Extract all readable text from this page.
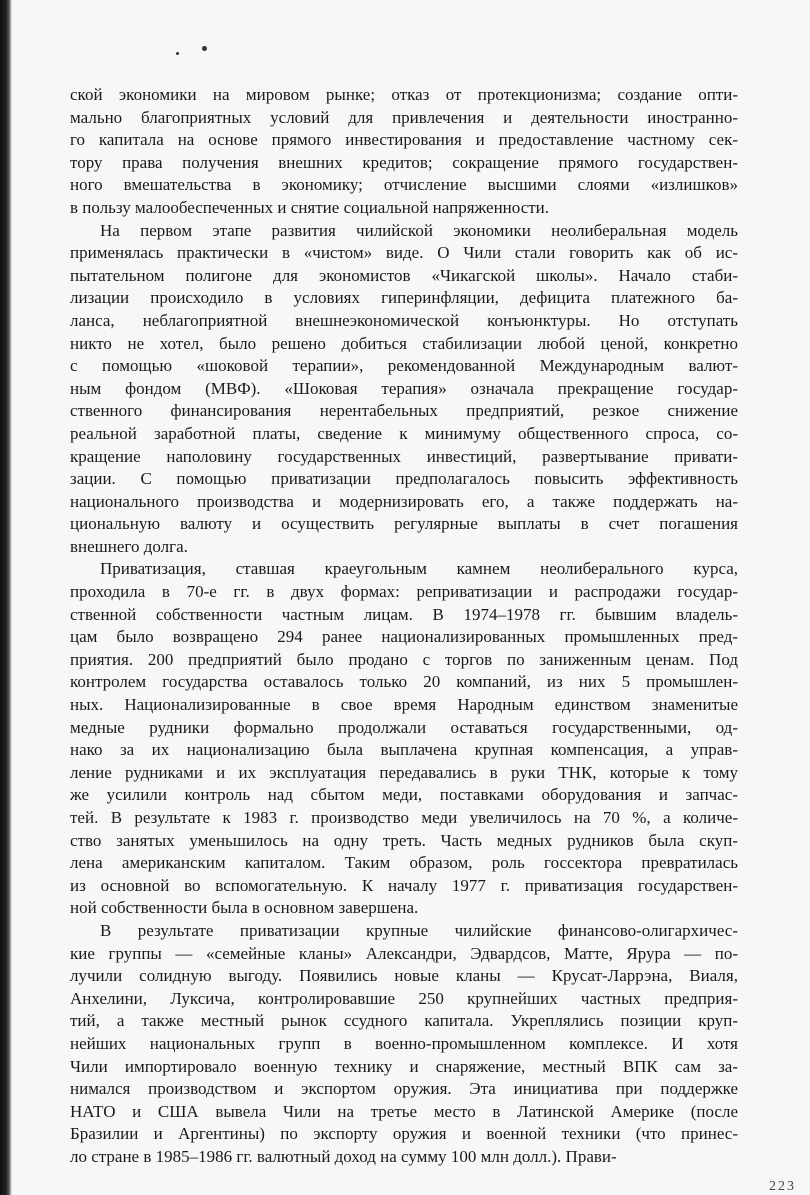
ской экономики на мировом рынке; отказ от протекционизма; создание опти-
мально благоприятных условий для привлечения и деятельности иностранно-
го капитала на основе прямого инвестирования и предоставление частному сек-
тору права получения внешних кредитов; сокращение прямого государствен-
ного вмешательства в экономику; отчисление высшими слоями «излишков»
в пользу малообеспеченных и снятие социальной напряженности.
На первом этапе развития чилийской экономики неолиберальная модель
применялась практически в «чистом» виде. О Чили стали говорить как об ис-
пытательном полигоне для экономистов «Чикагской школы». Начало стаби-
лизации происходило в условиях гиперинфляции, дефицита платежного ба-
ланса, неблагоприятной внешнеэкономической конъюнктуры. Но отступать
никто не хотел, было решено добиться стабилизации любой ценой, конкретно
с помощью «шоковой терапии», рекомендованной Международным валют-
ным фондом (МВФ). «Шоковая терапия» означала прекращение государ-
ственного финансирования нерентабельных предприятий, резкое снижение
реальной заработной платы, сведение к минимуму общественного спроса, со-
кращение наполовину государственных инвестиций, развертывание привати-
зации. С помощью приватизации предполагалось повысить эффективность
национального производства и модернизировать его, а также поддержать на-
циональную валюту и осуществить регулярные выплаты в счет погашения
внешнего долга.
Приватизация, ставшая краеугольным камнем неолиберального курса,
проходила в 70-е гг. в двух формах: реприватизации и распродажи государ-
ственной собственности частным лицам. В 1974–1978 гг. бывшим владель-
цам было возвращено 294 ранее национализированных промышленных пред-
приятия. 200 предприятий было продано с торгов по заниженным ценам. Под
контролем государства оставалось только 20 компаний, из них 5 промышлен-
ных. Национализированные в свое время Народным единством знаменитые
медные рудники формально продолжали оставаться государственными, од-
нако за их национализацию была выплачена крупная компенсация, а управ-
ление рудниками и их эксплуатация передавались в руки ТНК, которые к тому
же усилили контроль над сбытом меди, поставками оборудования и запчас-
тей. В результате к 1983 г. производство меди увеличилось на 70 %, а количе-
ство занятых уменьшилось на одну треть. Часть медных рудников была скуп-
лена американским капиталом. Таким образом, роль госсектора превратилась
из основной во вспомогательную. К началу 1977 г. приватизация государствен-
ной собственности была в основном завершена.
В результате приватизации крупные чилийские финансово-олигархичес-
кие группы — «семейные кланы» Александри, Эдвардсов, Матте, Ярура — по-
лучили солидную выгоду. Появились новые кланы — Крусат-Ларрэна, Виаля,
Анхелини, Луксича, контролировавшие 250 крупнейших частных предприя-
тий, а также местный рынок ссудного капитала. Укреплялись позиции круп-
нейших национальных групп в военно-промышленном комплексе. И хотя
Чили импортировало военную технику и снаряжение, местный ВПК сам за-
нимался производством и экспортом оружия. Эта инициатива при поддержке
НАТО и США вывела Чили на третье место в Латинской Америке (после
Бразилии и Аргентины) по экспорту оружия и военной техники (что принес-
ло стране в 1985–1986 гг. валютный доход на сумму 100 млн долл.). Прави-
223
